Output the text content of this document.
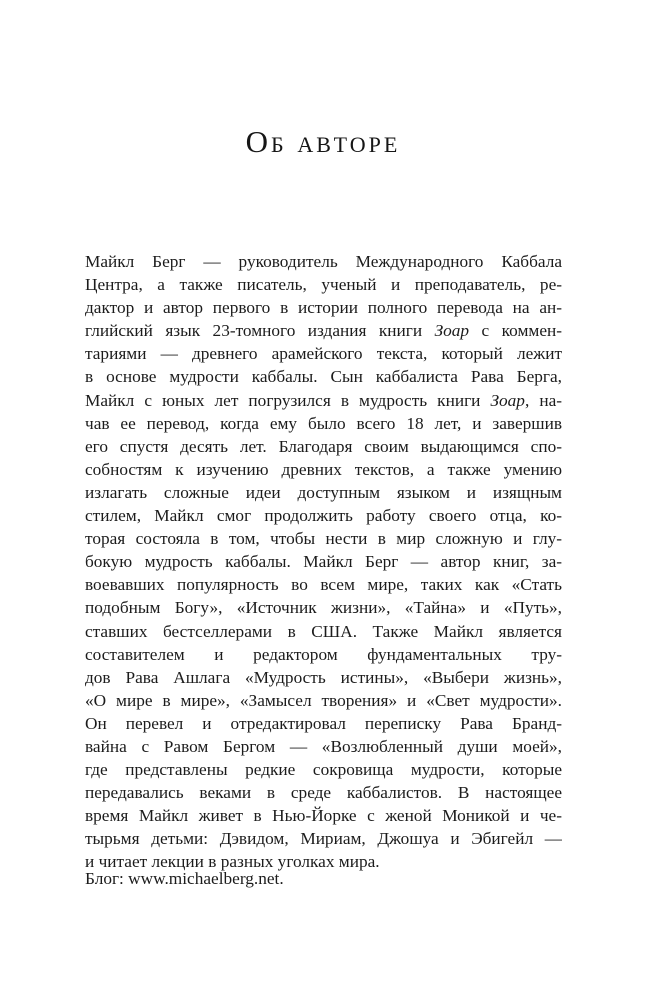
Об авторе
Майкл Берг — руководитель Международного Каббала
Центра, а также писатель, ученый и преподаватель, ре-
дактор и автор первого в истории полного перевода на ан-
глийский язык 23-томного издания книги Зоар с коммен-
тариями — древнего арамейского текста, который лежит
в основе мудрости каббалы. Сын каббалиста Рава Берга,
Майкл с юных лет погрузился в мудрость книги Зоар, на-
чав ее перевод, когда ему было всего 18 лет, и завершив
его спустя десять лет. Благодаря своим выдающимся спо-
собностям к изучению древних текстов, а также умению
излагать сложные идеи доступным языком и изящным
стилем, Майкл смог продолжить работу своего отца, ко-
торая состояла в том, чтобы нести в мир сложную и глу-
бокую мудрость каббалы. Майкл Берг — автор книг, за-
воевавших популярность во всем мире, таких как «Стать
подобным Богу», «Источник жизни», «Тайна» и «Путь»,
ставших бестселлерами в США. Также Майкл является
составителем и редактором фундаментальных тру-
дов Рава Ашлага «Мудрость истины», «Выбери жизнь»,
«О мире в мире», «Замысел творения» и «Свет мудрости».
Он перевел и отредактировал переписку Рава Бранд-
вайна с Равом Бергом — «Возлюбленный души моей»,
где представлены редкие сокровища мудрости, которые
передавались веками в среде каббалистов. В настоящее
время Майкл живет в Нью-Йорке с женой Моникой и че-
тырьмя детьми: Дэвидом, Мириам, Джошуа и Эбигейл —
и читает лекции в разных уголках мира.
Блог: www.michaelberg.net.
